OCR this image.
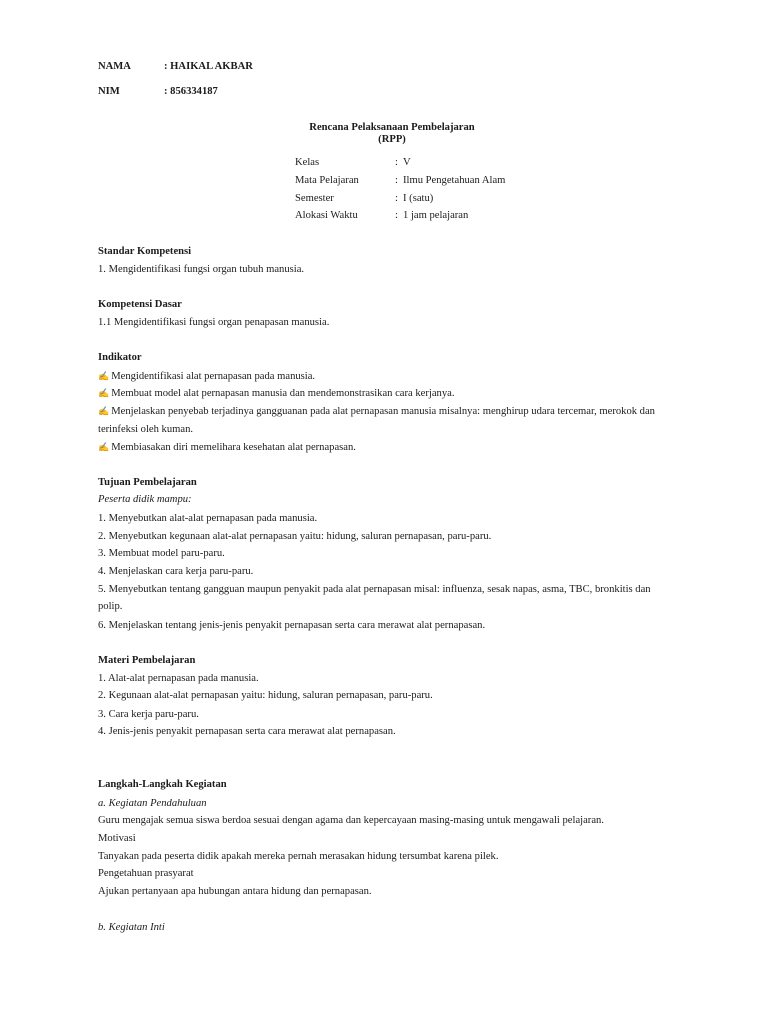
NAMA	: HAIKAL AKBAR
NIM	: 856334187
Rencana Pelaksanaan Pembelajaran
(RPP)
Kelas	: V
Mata Pelajaran	: Ilmu Pengetahuan Alam
Semester	: I (satu)
Alokasi Waktu	: 1 jam pelajaran
Standar Kompetensi
1. Mengidentifikasi fungsi organ tubuh manusia.
Kompetensi Dasar
1.1 Mengidentifikasi fungsi organ penapasan manusia.
Indikator
✍ Mengidentifikasi alat pernapasan pada manusia.
✍ Membuat model alat pernapasan manusia dan mendemonstrasikan cara kerjanya.
✍ Menjelaskan penyebab terjadinya gangguanan pada alat pernapasan manusia misalnya: menghirup udara tercemar, merokok dan
terinfeksi oleh kuman.
✍ Membiasakan diri memelihara kesehatan alat pernapasan.
Tujuan Pembelajaran
Peserta didik mampu:
1. Menyebutkan alat-alat pernapasan pada manusia.
2. Menyebutkan kegunaan alat-alat pernapasan yaitu: hidung, saluran pernapasan, paru-paru.
3. Membuat model paru-paru.
4. Menjelaskan cara kerja paru-paru.
5. Menyebutkan tentang gangguan maupun penyakit pada alat pernapasan misal: influenza, sesak napas, asma, TBC, bronkitis dan
polip.
6. Menjelaskan tentang jenis-jenis penyakit pernapasan serta cara merawat alat pernapasan.
Materi Pembelajaran
1. Alat-alat pernapasan pada manusia.
2. Kegunaan alat-alat pernapasan yaitu: hidung, saluran pernapasan, paru-paru.
3. Cara kerja paru-paru.
4. Jenis-jenis penyakit pernapasan serta cara merawat alat pernapasan.
Langkah-Langkah Kegiatan
a. Kegiatan Pendahuluan
Guru mengajak semua siswa berdoa sesuai dengan agama dan kepercayaan masing-masing untuk mengawali pelajaran.
Motivasi
Tanyakan pada peserta didik apakah mereka pernah merasakan hidung tersumbat karena pilek.
Pengetahuan prasyarat
Ajukan pertanyaan apa hubungan antara hidung dan pernapasan.
b. Kegiatan Inti
